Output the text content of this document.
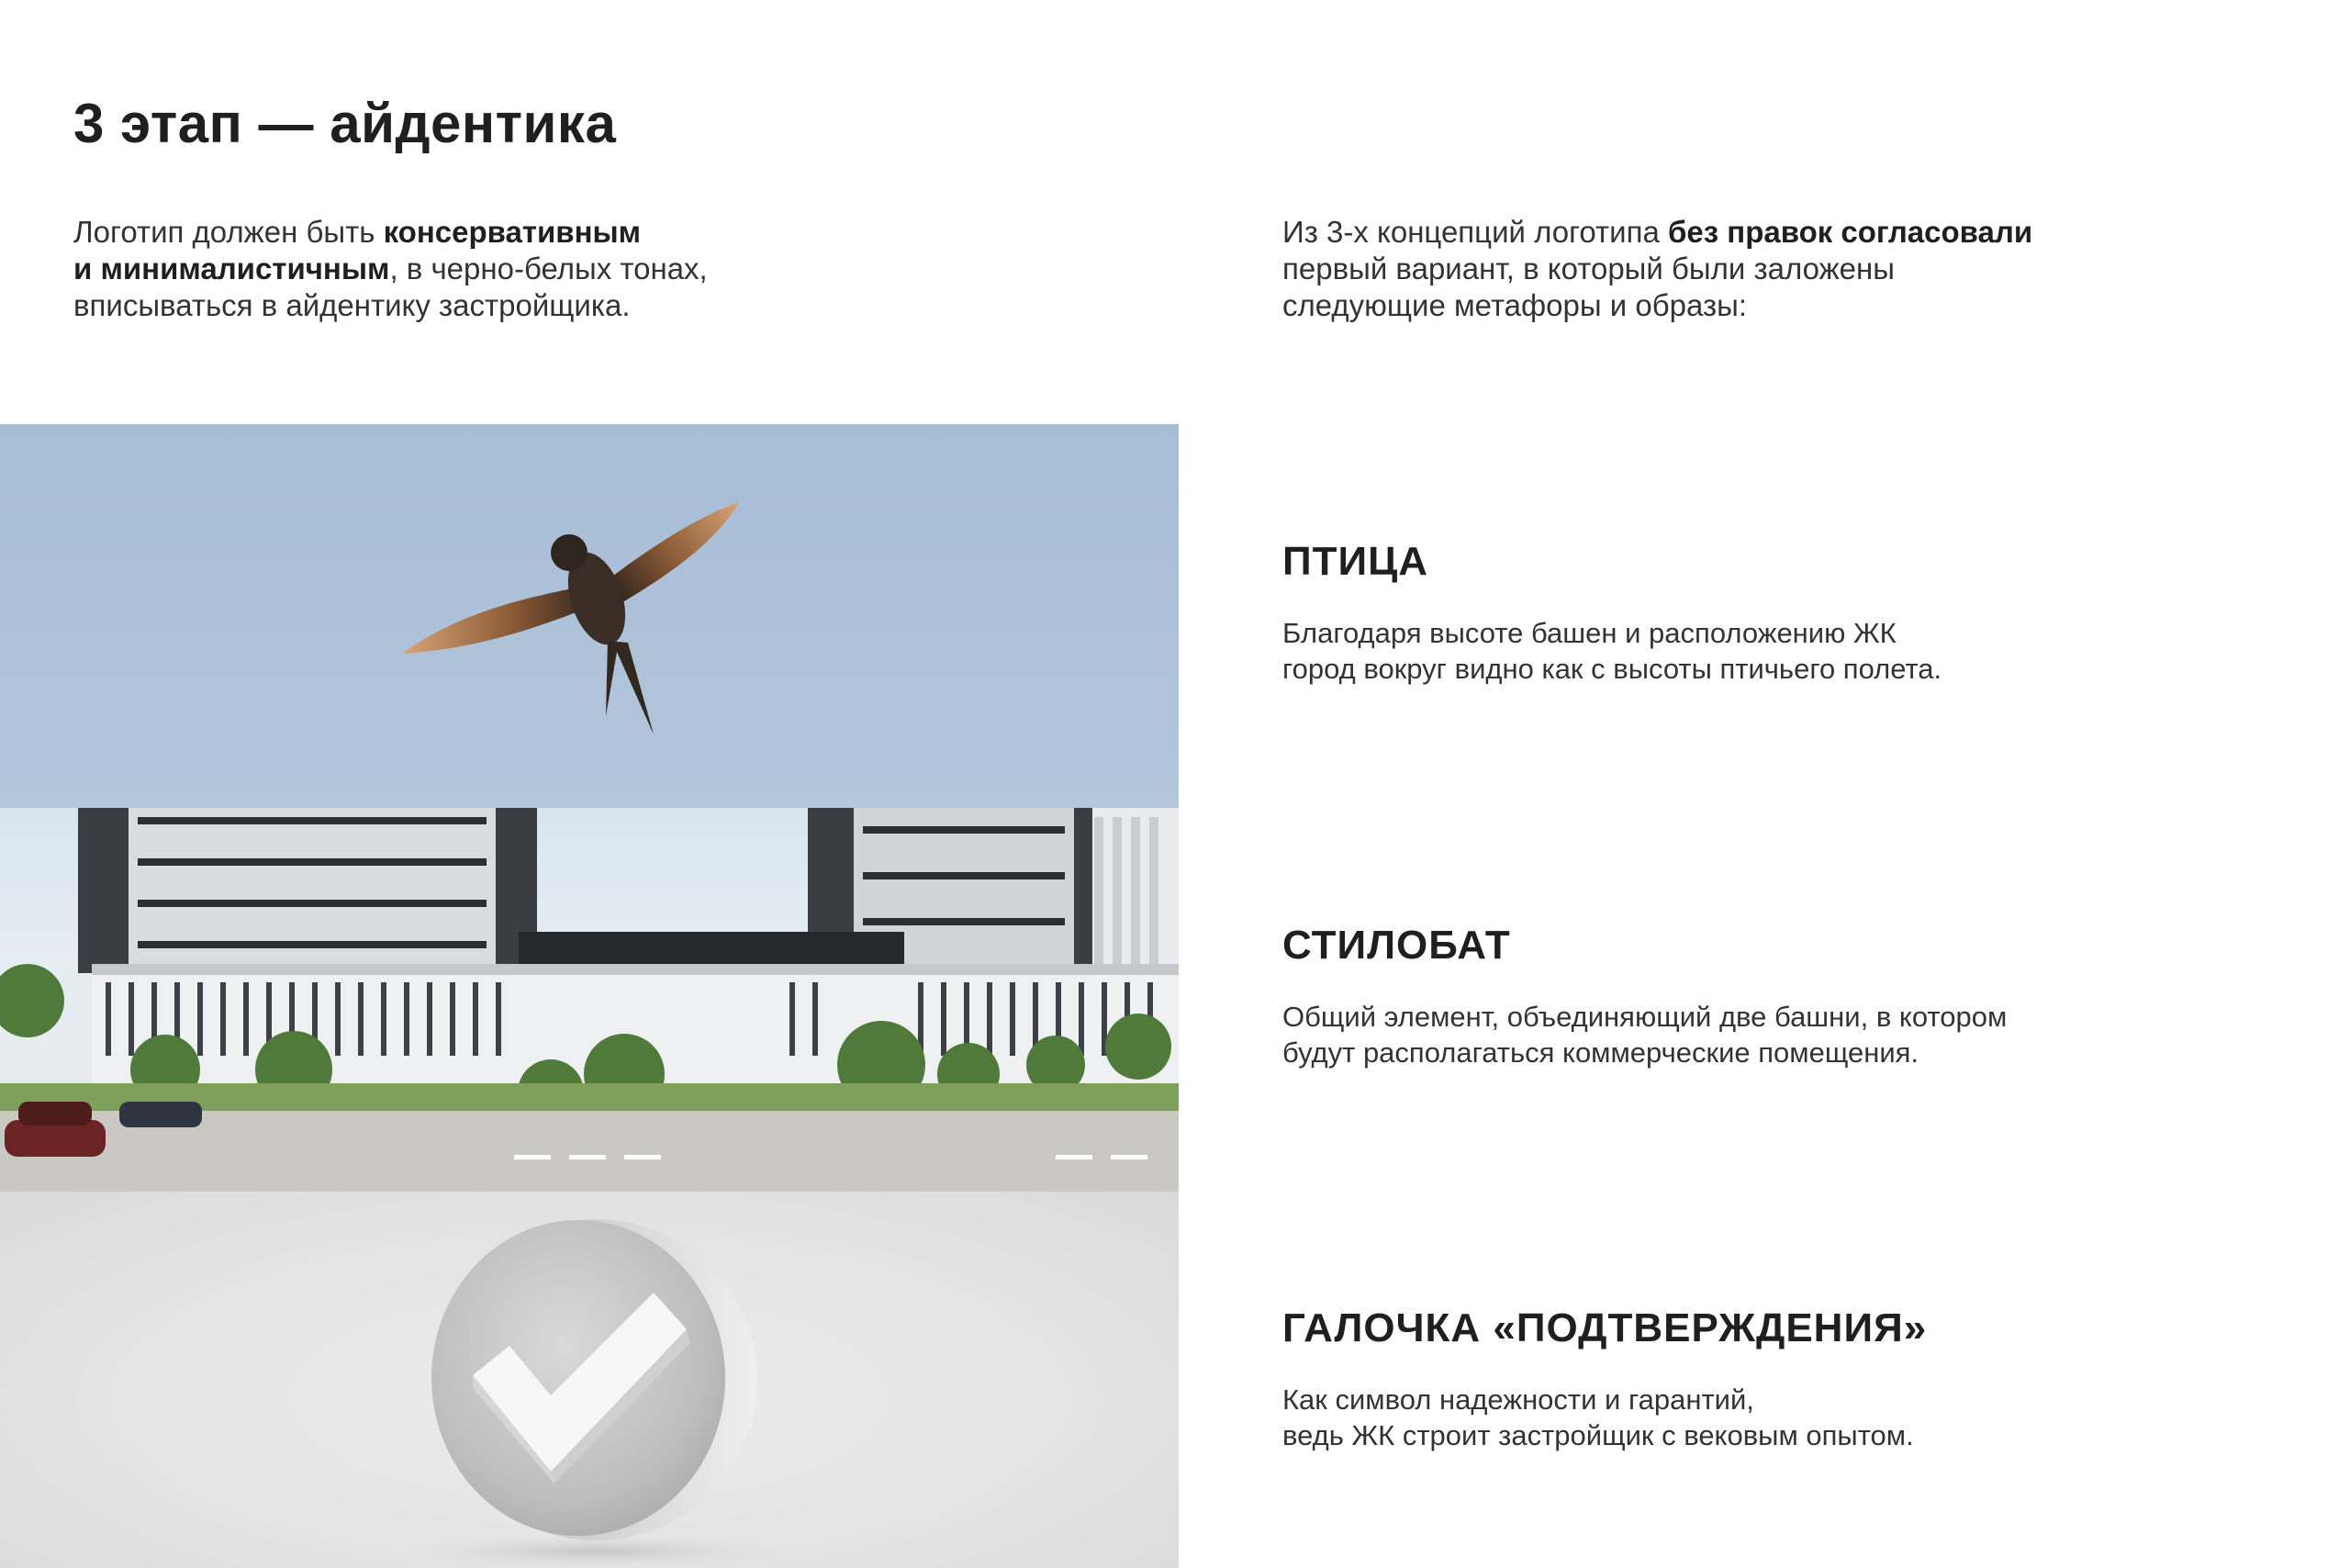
3 этап — айдентика

Логотип должен быть консервативным
и минималистичным, в черно-белых тонах,
вписываться в айдентику застройщика.

Из 3-х концепций логотипа без правок согласовали
первый вариант, в который были заложены
следующие метафоры и образы:

ПТИЦА

Благодаря высоте башен и расположению ЖК
город вокруг видно как с высоты птичьего полета.

СТИЛОБАТ

Общий элемент, объединяющий две башни, в котором
будут располагаться коммерческие помещения.

ГАЛОЧКА «ПОДТВЕРЖДЕНИЯ»

Как символ надежности и гарантий,
ведь ЖК строит застройщик с вековым опытом.
